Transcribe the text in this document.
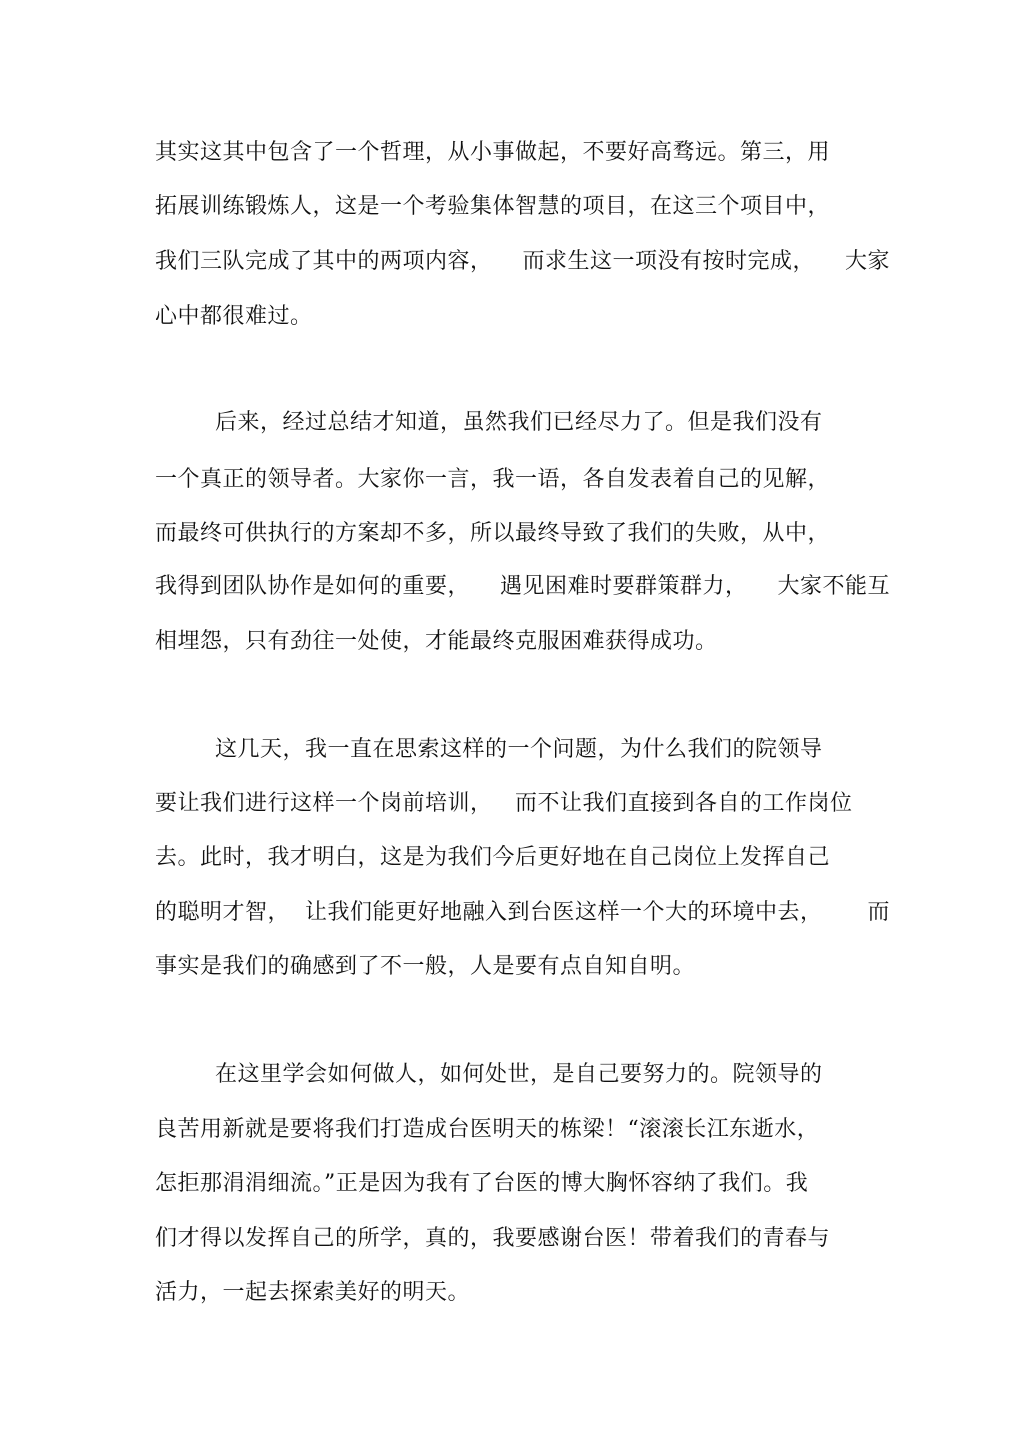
其实这其中包含了一个哲理，从小事做起，不要好高骛远。第三，用
拓展训练锻炼人，这是一个考验集体智慧的项目，在这三个项目中，
我们三队完成了其中的两项内容，    而求生这一项没有按时完成，    大家
心中都很难过。
后来，经过总结才知道，虽然我们已经尽力了。但是我们没有
一个真正的领导者。大家你一言，我一语，各自发表着自己的见解，
而最终可供执行的方案却不多，所以最终导致了我们的失败，从中，
我得到团队协作是如何的重要，    遇见困难时要群策群力，    大家不能互
相埋怨，只有劲往一处使，才能最终克服困难获得成功。
这几天，我一直在思索这样的一个问题，为什么我们的院领导
要让我们进行这样一个岗前培训，   而不让我们直接到各自的工作岗位
去。此时，我才明白，这是为我们今后更好地在自己岗位上发挥自己
的聪明才智，  让我们能更好地融入到台医这样一个大的环境中去，      而
事实是我们的确感到了不一般，人是要有点自知自明。
在这里学会如何做人，如何处世，是自己要努力的。院领导的
良苦用新就是要将我们打造成台医明天的栋梁！“滚滚长江东逝水，
怎拒那涓涓细流。”正是因为我有了台医的博大胸怀容纳了我们。我
们才得以发挥自己的所学，真的，我要感谢台医！带着我们的青春与
活力，一起去探索美好的明天。
